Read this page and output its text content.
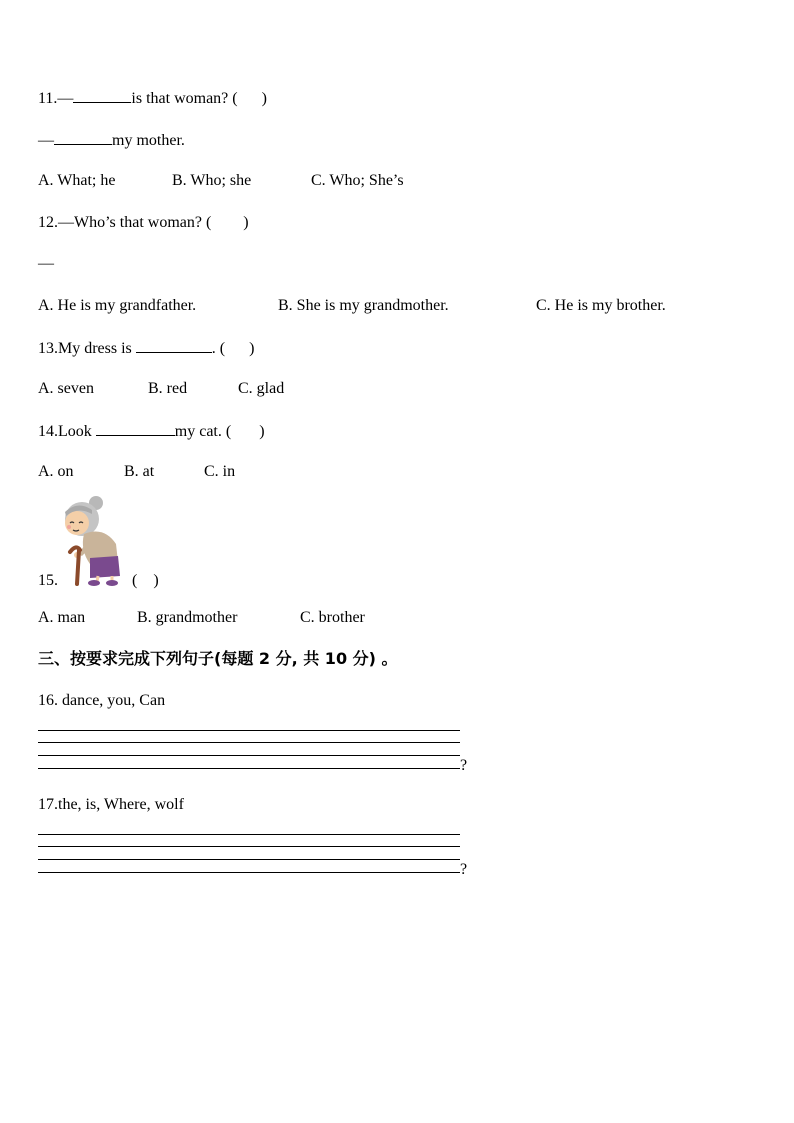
11.—	is that woman? ( )
—	my mother.
A. What; he	B. Who; she	C. Who; She’s
12.—Who’s that woman? ( )
—
A. He is my grandfather.	B. She is my grandmother.	C. He is my brother.
13.My dress is	. ( )
A. seven	B. red	C. glad
14.Look	my cat. ( )
A. on	B. at	C. in
15.	(    )
A. man	B. grandmother	C. brother
三、按要求完成下列句子(每题 2 分, 共 10 分) 。
16. dance, you, Can
?
17.the, is, Where, wolf
?
